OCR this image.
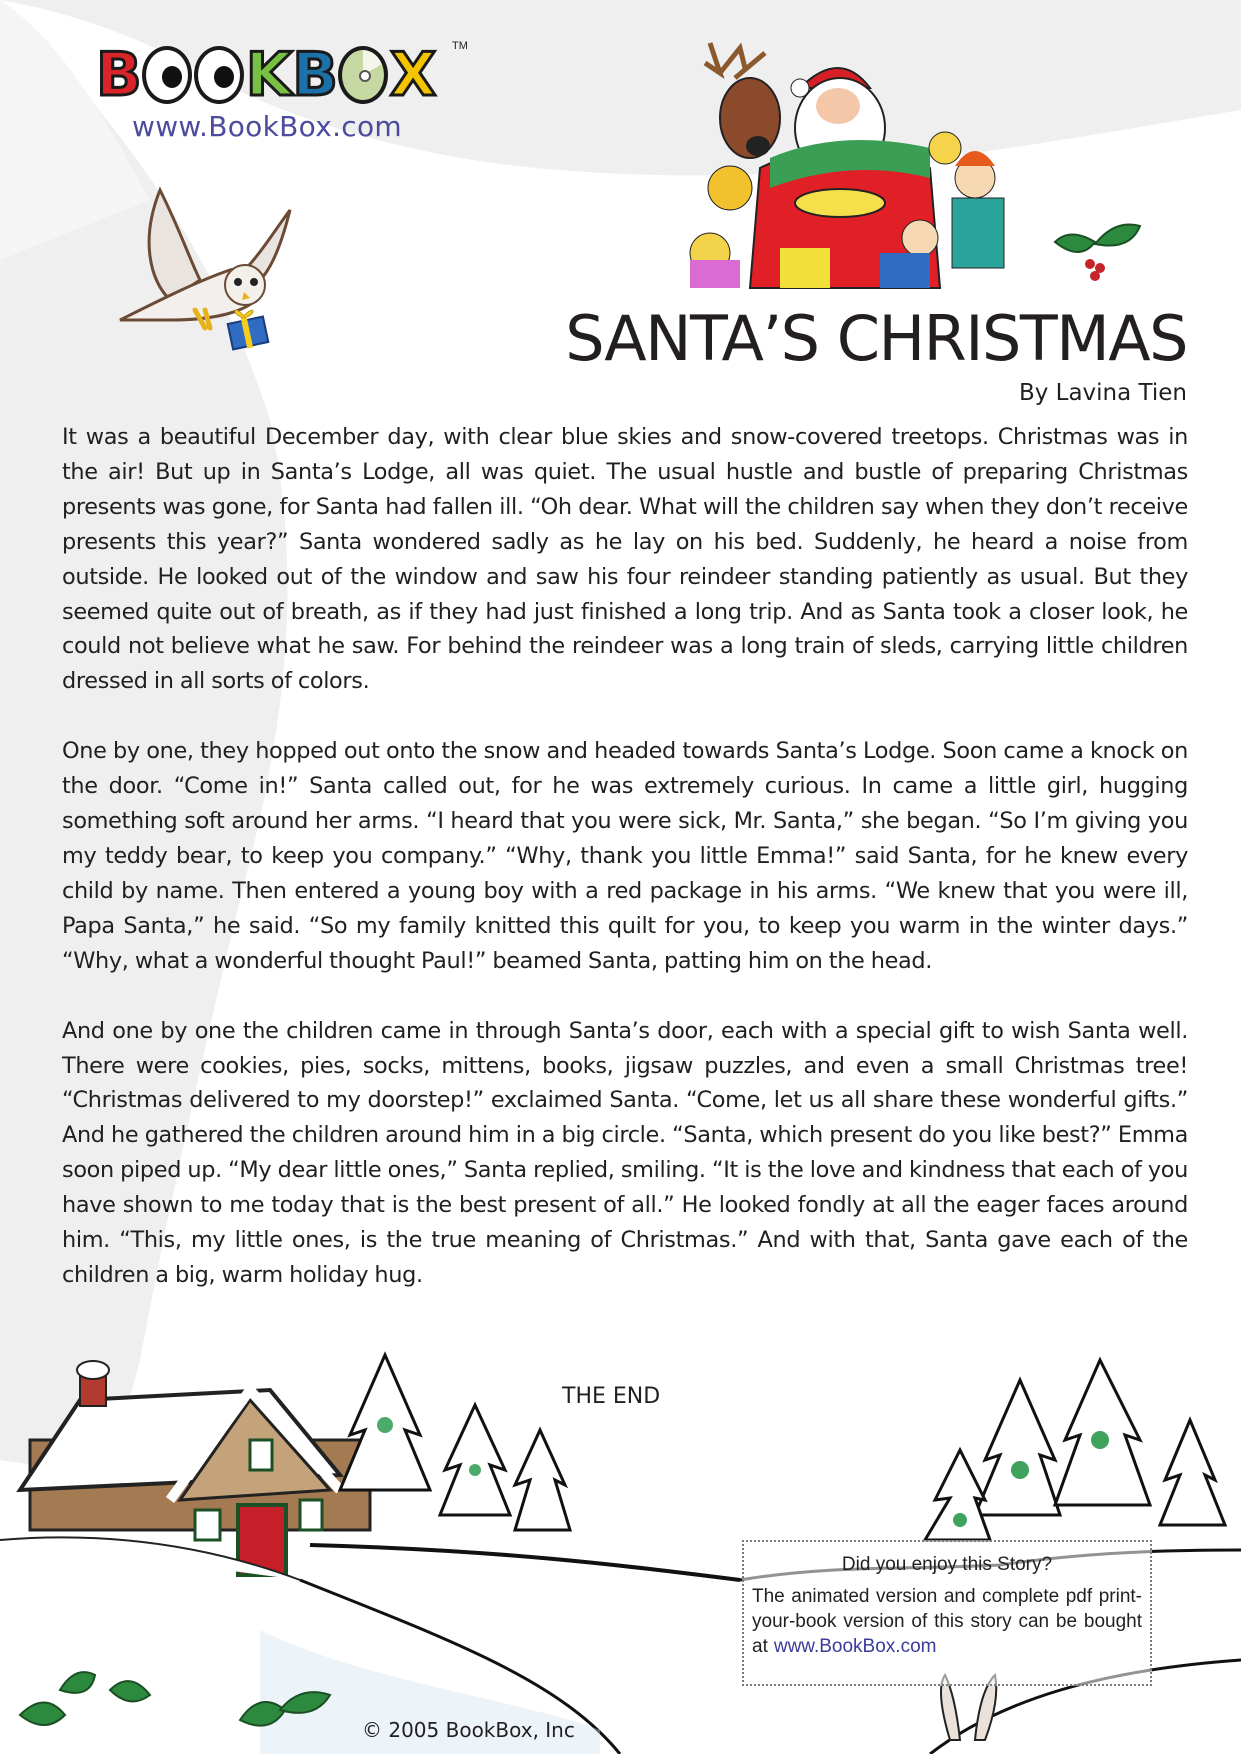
B K B X TM
www.BookBox.com
SANTA’S CHRISTMAS
By Lavina Tien

It was a beautiful December day, with clear blue skies and snow-covered treetops. Christmas was in the air! But up in Santa’s Lodge, all was quiet. The usual hustle and bustle of preparing Christmas presents was gone, for Santa had fallen ill. “Oh dear. What will the children say when they don’t receive presents this year?” Santa wondered sadly as he lay on his bed. Suddenly, he heard a noise from outside. He looked out of the window and saw his four reindeer standing patiently as usual. But they seemed quite out of breath, as if they had just finished a long trip. And as Santa took a closer look, he could not believe what he saw. For behind the reindeer was a long train of sleds, carrying little children dressed in all sorts of colors.

One by one, they hopped out onto the snow and headed towards Santa’s Lodge. Soon came a knock on the door. “Come in!” Santa called out, for he was extremely curious. In came a little girl, hugging something soft around her arms. “I heard that you were sick, Mr. Santa,” she began. “So I’m giving you my teddy bear, to keep you company.” “Why, thank you little Emma!” said Santa, for he knew every child by name. Then entered a young boy with a red package in his arms. “We knew that you were ill, Papa Santa,” he said. “So my family knitted this quilt for you, to keep you warm in the winter days.” “Why, what a wonderful thought Paul!” beamed Santa, patting him on the head.

And one by one the children came in through Santa’s door, each with a special gift to wish Santa well. There were cookies, pies, socks, mittens, books, jigsaw puzzles, and even a small Christmas tree! “Christmas delivered to my doorstep!” exclaimed Santa. “Come, let us all share these wonderful gifts.” And he gathered the children around him in a big circle. “Santa, which present do you like best?” Emma soon piped up. “My dear little ones,” Santa replied, smiling. “It is the love and kindness that each of you have shown to me today that is the best present of all.” He looked fondly at all the eager faces around him. “This, my little ones, is the true meaning of Christmas.” And with that, Santa gave each of the children a big, warm holiday hug.

THE END
Did you enjoy this Story?
The animated version and complete pdf print-your-book version of this story can be bought at www.BookBox.com
© 2005 BookBox, Inc
